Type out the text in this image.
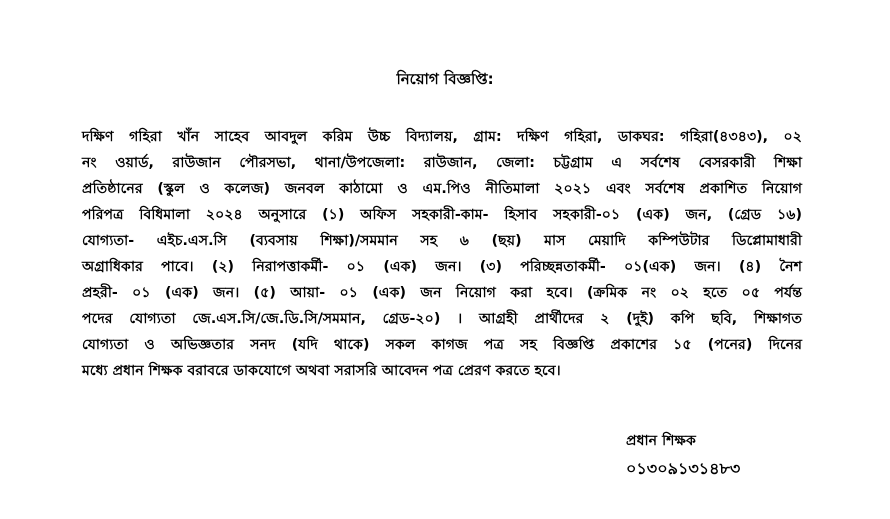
নিয়োগ বিজ্ঞপ্তি:
দক্ষিণ গহিরা খাঁন সাহেব আবদুল করিম উচ্চ বিদ্যালয়, গ্রাম: দক্ষিণ গহিরা, ডাকঘর: গহিরা(৪৩৪৩), ০২
নং ওয়ার্ড, রাউজান পৌরসভা, থানা/উপজেলা: রাউজান, জেলা: চট্টগ্রাম এ সর্বশেষ বেসরকারী শিক্ষা
প্রতিষ্ঠানের (স্কুল ও কলেজ) জনবল কাঠামো ও এম.পিও নীতিমালা ২০২১ এবং সর্বশেষ প্রকাশিত নিয়োগ
পরিপত্র বিধিমালা ২০২৪ অনুসারে (১) অফিস সহকারী-কাম- হিসাব সহকারী-০১ (এক) জন, (গ্রেড ১৬)
যোগ্যতা- এইচ.এস.সি (ব্যবসায় শিক্ষা)/সমমান সহ ৬ (ছয়) মাস মেয়াদি কম্পিউটার ডিপ্লোমাধারী
অগ্রাধিকার পাবে। (২) নিরাপত্তাকর্মী- ০১ (এক) জন। (৩) পরিচ্ছন্নতাকর্মী- ০১(এক) জন। (৪) নৈশ
প্রহরী- ০১ (এক) জন। (৫) আয়া- ০১ (এক) জন নিয়োগ করা হবে। (ক্রমিক নং ০২ হতে ০৫ পর্যন্ত
পদের যোগ্যতা জে.এস.সি/জে.ডি.সি/সমমান, গ্রেড-২০) । আগ্রহী প্রার্থীদের ২ (দুই) কপি ছবি, শিক্ষাগত
যোগ্যতা ও অভিজ্ঞতার সনদ (যদি থাকে) সকল কাগজ পত্র সহ বিজ্ঞপ্তি প্রকাশের ১৫ (পনের) দিনের
মধ্যে প্রধান শিক্ষক বরাবরে ডাকযোগে অথবা সরাসরি আবেদন পত্র প্রেরণ করতে হবে।
প্রধান শিক্ষক
০১৩০৯১৩১৪৮৩
